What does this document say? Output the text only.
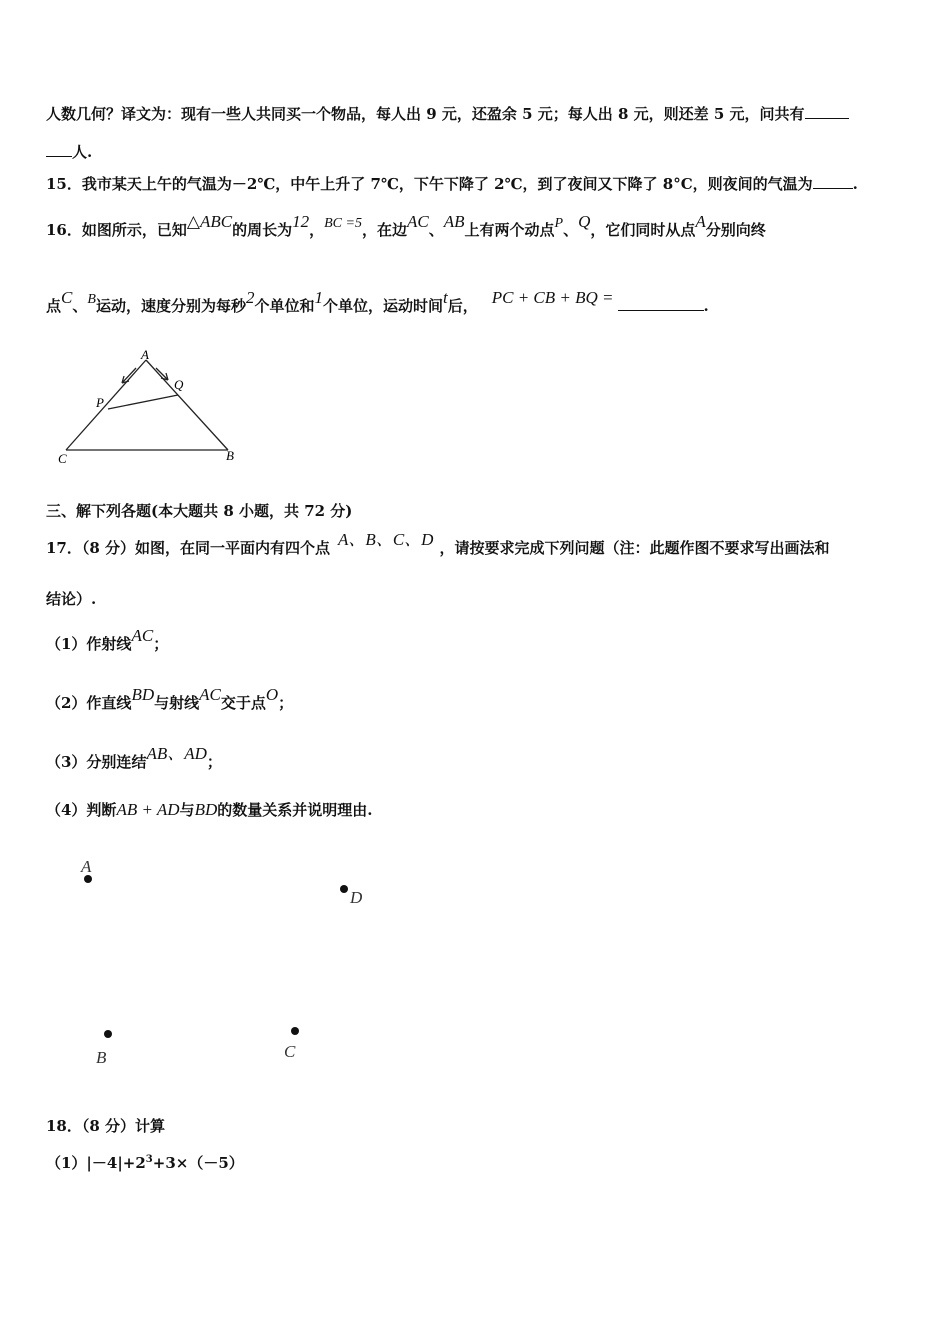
人数几何？译文为：现有一些人共同买一个物品，每人出 9 元，还盈余 5 元；每人出 8 元，则还差 5 元，问共有
人.
15．我市某天上午的气温为－2℃，中午上升了 7℃，下午下降了 2℃，到了夜间又下降了 8°C，则夜间的气温为	.
16．如图所示，已知△ABC的周长为12，BC =5，在边AC、AB上有两个动点P、Q，它们同时从点A分别向终
点C、B运动，速度分别为每秒2个单位和1个单位，运动时间t后， PC + CB + BQ =	.
A
Q
P
C	B
三、解下列各题(本大题共 8 小题，共 72 分)
17．（8 分）如图，在同一平面内有四个点 A、B、C、D ，请按要求完成下列问题（注：此题作图不要求写出画法和
结论）.
（1）作射线AC；
（2）作直线BD与射线AC交于点O；
（3）分别连结AB、AD；
（4）判断AB + AD与BD的数量关系并说明理由.
A
D
B	C
18．（8 分）计算
$(1)|-4|+2^3+3\times(-5)$
